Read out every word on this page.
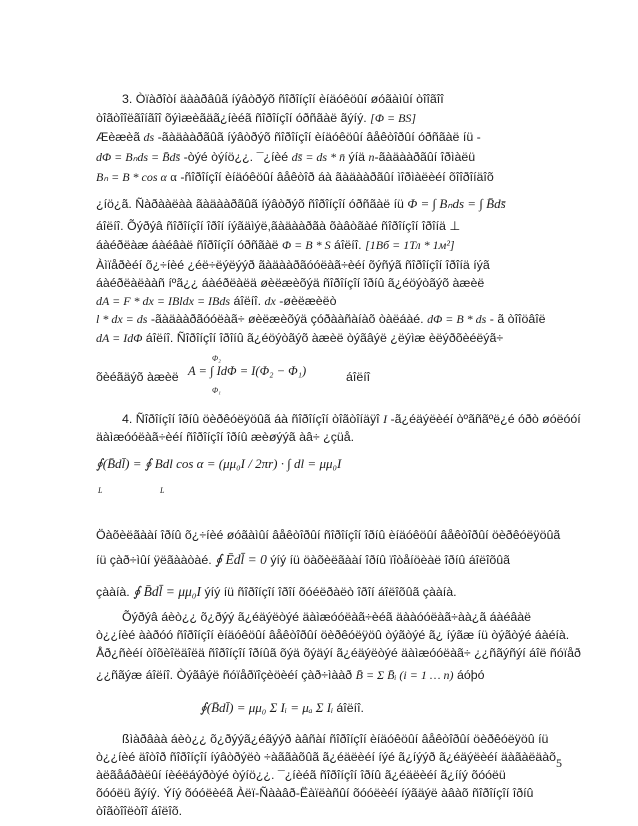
3. Òïàðîòí äààðâûã íýâòðýõ ñîðîíçîí èíäóêöûí øóãàìûí òîîãîî
òîãòîîëãîíãîî õýìæèãäã¿íèéã ñîðîíçîí óðñãàë ãýíý. [Φ = BS]
Æèæèã ds -ãàäààðãûã íýâòðýõ ñîðîíçîí èíäóêöûí âåêòîðûí óðñãàë íü -
dΦ = Bₙds = B̄ds̄ -òýé òýíö¿¿. ¯¿íèé ds̄ = ds * n̄ ýíä n-ãàäààðãûí îðìàëü
Bₙ = B * cos α α -ñîðîíçîí èíäóêöûí âåêòîð áà ãàäààðãûí ìîðìàëèéí õîîðîíäîõ
¿íö¿ã. Ñàðààëàà ãàäààðãûã íýâòðýõ ñîðîíçîí óðñãàë íü Φ = ∫ Bₙds = ∫ B̄ds̄
áîëíî. Õýðýâ ñîðîíçîí îðîí íýãäìýë,ãàäààðãà õàâòãàé ñîðîíçîí îðîíä ⊥
áàéðëàæ áàéâàë ñîðîíçîí óðñãàë Φ = B * S áîëíî. [1Вб = 1Тл * 1м²]
Àìïåðèéí õ¿÷íèé ¿éë÷ëýëýýð ãàäààðãóóëàã÷èéí õýñýã ñîðîíçîí îðîíä íýã
áàéðëàëààñ íºã¿¿ áàéðëàëä øèëæèõýä ñîðîíçîí îðíû ã¿éöýòãýõ àæèë
dA = F * dx = IBldx = IBds áîëíî. dx -øèëæèëò
l * dx = ds -ãàäààðãóóëàã÷ øèëæèõýä çóðààñàíàõ òàëáàé. dΦ = B * ds - ã òîîöâîë
dA = IdΦ áîëíî. Ñîðîíçîí îðîíû ã¿éöýòãýõ àæèë òýãâýë ¿ëýìæ èëýðõèéëýã÷
õèéãäýõ àæèë A = ∫ IdΦ = I(Φ₂ − Φ₁)
Φ₂
Φ₁
áîëíî
4. Ñîðîíçîí îðíû öèðêóëÿöûã áà ñîðîíçîí òîãòîíäÿî I -ã¿éäýëèéí òºãñãºë¿é óðò øóëóóí
äàìæóóëàã÷èéí ñîðîíçîí îðíû æèøýýã àâ÷ ¿çüå.
∮(B̄dl̄) = ∮ Bdl cos α = (μμ₀I / 2πr) · ∫ dl = μμ₀I
L	L
Öàõèëãààí îðíû õ¿÷íèé øóãàìûí âåêòîðûí ñîðîíçîí îðíû èíäóêöûí âåêòîðûí öèðêóëÿöûã
íü çàð÷ìûí ÿëãààòàé. ∮ Ēdl̄ = 0 ýíý íü öàõèëãààí îðíû ïîòåíöèàë îðíû áîëîõûã
çààíà. ∮ B̄dl̄ = μμ₀I ýíý íü ñîðîíçîí îðîí õóéëðàëò îðîí áîëîõûã çààíà.
Õýðýâ áèò¿¿ õ¿ðýý ã¿éäýëòýé äàìæóóëàã÷èéã äààóóëàã÷àà¿ã áàéâàë
ò¿¿íèé ààðóó ñîðîíçîí èíäóêöûí âåêòîðûí öèðêóëÿöû òýãòýé ã¿ íýãæ íü òýãòýé áàéíà.
Åð¿ñèéí òîõèîëäîëä ñîðîíçîí îðíûã õýä õýäýí ã¿éäýëòýé äàìæóóëàã÷ ¿¿ñãýñýí áîë ñóïåð
¿¿ñãýæ áîëíî. Òýãâýë ñóïåðïîçèöèéí çàð÷ìààð B̄ = Σ B̄ᵢ (i = 1 … n) áóþó
∮(B̄dl̄) = μμ₀ Σ Iᵢ = μₐ Σ Iᵢ áîëíî.
ßìàðâàà áèò¿¿ õ¿ðýýã¿éãýýð àâñàí ñîðîíçîí èíäóêöûí âåêòîðûí öèðêóëÿöû íü
ò¿¿íèé äîòîð ñîðîíçîí íýâòðýëò ÷àããàõûã ã¿éäëèéí íýé ã¿íýýð ã¿éäýëèéí äàãàëäàõ
àëãåáðàëûí íèéëáýðòýé òýíö¿¿. ¯¿íèéã ñîðîíçîí îðíû ã¿éäëèéí ã¿ííý õóóëü
õóóëü ãýíý. Ýíý õóóëèéã Àëï-Ñààâð-Ëàïëàñûí õóóëèéí íýãäýë àâàõ ñîðîíçîí îðíû
òîãòîîëòîî áîëîõ.
5
